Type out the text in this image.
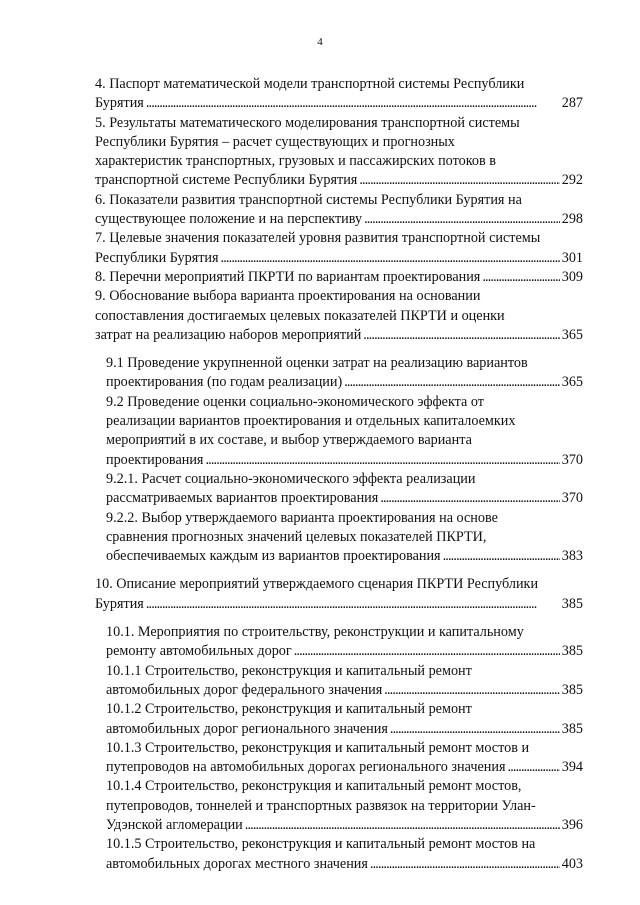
4
4. Паспорт математической модели транспортной системы Республики
Бурятия . . .	287
5. Результаты математического моделирования транспортной системы
Республики Бурятия – расчет существующих и прогнозных
характеристик транспортных, грузовых и пассажирских потоков в
транспортной системе Республики Бурятия . . .	292
6. Показатели развития транспортной системы Республики Бурятия на
существующее положение и на перспективу . . .	298
7. Целевые значения показателей уровня развития транспортной системы
Республики Бурятия . . .	301
8. Перечни мероприятий ПКРТИ по вариантам проектирования . . .	309
9. Обоснование выбора варианта проектирования на основании
сопоставления достигаемых целевых показателей ПКРТИ и оценки
затрат на реализацию наборов мероприятий . . .	365
9.1 Проведение укрупненной оценки затрат на реализацию вариантов
проектирования (по годам реализации) . . .	365
9.2 Проведение оценки социально-экономического эффекта от
реализации вариантов проектирования и отдельных капиталоемких
мероприятий в их составе, и выбор утверждаемого варианта
проектирования . . .	370
9.2.1. Расчет социально-экономического эффекта реализации
рассматриваемых вариантов проектирования . . .	370
9.2.2. Выбор утверждаемого варианта проектирования на основе
сравнения прогнозных значений целевых показателей ПКРТИ,
обеспечиваемых каждым из вариантов проектирования . . .	383
10. Описание мероприятий утверждаемого сценария ПКРТИ Республики
Бурятия . . .	385
10.1. Мероприятия по строительству, реконструкции и капитальному
ремонту автомобильных дорог . . .	385
10.1.1 Строительство, реконструкция и капитальный ремонт
автомобильных дорог федерального значения . . .	385
10.1.2 Строительство, реконструкция и капитальный ремонт
автомобильных дорог регионального значения . . .	385
10.1.3 Строительство, реконструкция и капитальный ремонт мостов и
путепроводов на автомобильных дорогах регионального значения . . .	394
10.1.4 Строительство, реконструкция и капитальный ремонт мостов,
путепроводов, тоннелей и транспортных развязок на территории Улан-
Удэнской агломерации . . .	396
10.1.5 Строительство, реконструкция и капитальный ремонт мостов на
автомобильных дорогах местного значения . . .	403
